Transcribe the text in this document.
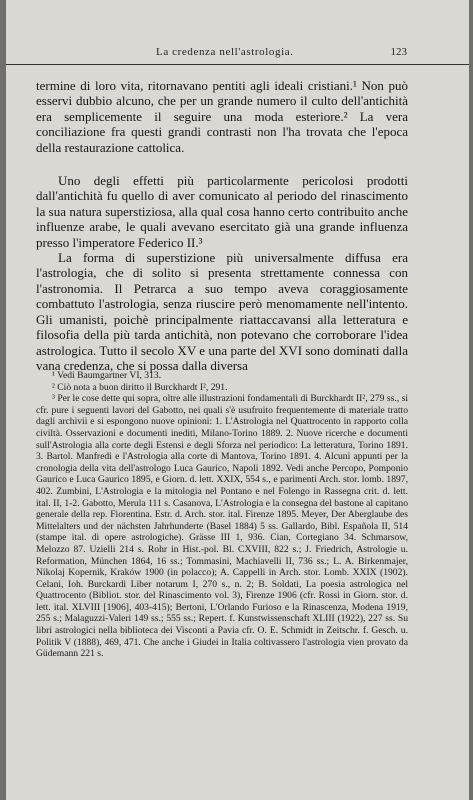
La credenza nell'astrologia.	123

termine di loro vita, ritornavano pentiti agli ideali cristiani.¹ Non può esservi dubbio alcuno, che per un grande numero il culto dell'antichità era semplicemente il seguire una moda esteriore.² La vera conciliazione fra questi grandi contrasti non l'ha trovata che l'epoca della restaurazione cattolica.

Uno degli effetti più particolarmente pericolosi prodotti dall'antichità fu quello di aver comunicato al periodo del rinascimento la sua natura superstiziosa, alla qual cosa hanno certo contribuito anche influenze arabe, le quali avevano esercitato già una grande influenza presso l'imperatore Federico II.³

La forma di superstizione più universalmente diffusa era l'astrologia, che di solito si presenta strettamente connessa con l'astronomia. Il Petrarca a suo tempo aveva coraggiosamente combattuto l'astrologia, senza riuscire però menomamente nell'intento. Gli umanisti, poichè principalmente riattaccavansi alla letteratura e filosofia della più tarda antichità, non potevano che corroborare l'idea astrologica. Tutto il secolo XV e una parte del XVI sono dominati dalla vana credenza, che si possa dalla diversa

¹ Vedi Baumgartner VI, 313.

² Ciò nota a buon diritto il Burckhardt I², 291.

³ Per le cose dette qui sopra, oltre alle illustrazioni fondamentali di Burckhardt II², 279 ss., si cfr. pure i seguenti lavori del Gabotto, nei quali s'è usufruito frequentemente di materiale tratto dagli archivii e si espongono nuove opinioni: 1. L'Astrologia nel Quattrocento in rapporto colla civiltà. Osservazioni e documenti inediti, Milano-Torino 1889. 2. Nuove ricerche e documenti sull'Astrologia alla corte degli Estensi e degli Sforza nel periodico: La letteratura, Torino 1891. 3. Bartol. Manfredi e l'Astrologia alla corte di Mantova, Torino 1891. 4. Alcuni appunti per la cronologia della vita dell'astrologo Luca Gaurico, Napoli 1892. Vedi anche Percopo, Pomponio Gaurico e Luca Gaurico 1895, e Giorn. d. lett. XXIX, 554 s., e parimenti Arch. stor. lomb. 1897, 402. Zumbini, L'Astrologia e la mitologia nel Pontano e nel Folengo in Rassegna crit. d. lett. ital. II, 1-2. Gabotto, Merula 111 s. Casanova, L'Astrologia e la consegna del bastone al capitano generale della rep. Fiorentina. Estr. d. Arch. stor. ital. Firenze 1895. Meyer, Der Aberglaube des Mittelalters und der nächsten Jahrhunderte (Basel 1884) 5 ss. Gallardo, Bibl. Española II, 514 (stampe ital. di opere astrologiche). Grässe III 1, 936. Cian, Cortegiano 34. Schmarsow, Melozzo 87. Uzielli 214 s. Rohr in Hist.-pol. Bl. CXVIII, 822 s.; J. Friedrich, Astrologie u. Reformation, München 1864, 16 ss.; Tommasini, Machiavelli II, 736 ss.; L. A. Birkenmajer, Nikolaj Kopernik, Kraków 1900 (in polacco); A. Cappelli in Arch. stor. Lomb. XXIX (1902). Celani, Ioh. Burckardi Liber notarum I, 270 s., n. 2; B. Soldati, La poesia astrologica nel Quattrocento (Bibliot. stor. del Rinascimento vol. 3), Firenze 1906 (cfr. Rossi in Giorn. stor. d. lett. ital. XLVIII [1906], 403-415); Bertoni, L'Orlando Furioso e la Rinascenza, Modena 1919, 255 s.; Malaguzzi-Valeri 149 ss.; 555 ss.; Repert. f. Kunstwissenschaft XLIII (1922), 227 ss. Su libri astrologici nella biblioteca dei Visconti a Pavia cfr. O. E. Schmidt in Zeitschr. f. Gesch. u. Politik V (1888), 469, 471. Che anche i Giudei in Italia coltivassero l'astrologia vien provato da Güdemann 221 s.
